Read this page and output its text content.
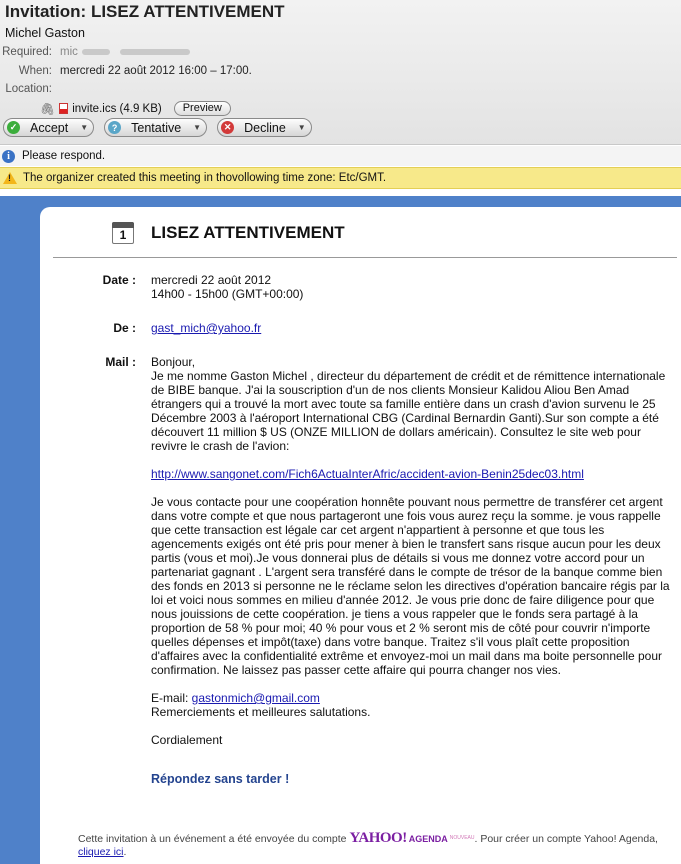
Invitation: LISEZ ATTENTIVEMENT
Michel Gaston
Required: mic
When: mercredi 22 août 2012 16:00 – 17:00.
Location:
🖇 invite.ics (4.9 KB)	Preview
✓ Accept ▼	?	Tentative ▼	✕ Decline ▼
i	Please respond.
!
The organizer created this meeting in thovollowing time zone: Etc/GMT.
1	LISEZ ATTENTIVEMENT
Date : mercredi 22 août 2012
14h00 - 15h00 (GMT+00:00)
De : gast_mich@yahoo.fr
Mail : Bonjour,

Je me nomme Gaston Michel , directeur du département de crédit et de rémittence internationale de BIBE banque. J'ai la souscription d'un de nos clients Monsieur Kalidou Aliou Ben Amad étrangers qui a trouvé la mort avec toute sa famille entière dans un crash d'avion survenu le 25 Décembre 2003 à l'aéroport International CBG (Cardinal Bernardin Ganti).Sur son compte a été découvert 11 million $ US (ONZE MILLION de dollars américain). Consultez le site web pour revivre le crash de l'avion:

http://www.sangonet.com/Fich6ActuaInterAfric/accident-avion-Benin25dec03.html

Je vous contacte pour une coopération honnête pouvant nous permettre de transférer cet argent dans votre compte et que nous partageront une fois vous aurez reçu la somme. je vous rappelle que cette transaction est légale car cet argent n'appartient à personne et que tous les agencements exigés ont été pris pour mener à bien le transfert sans risque aucun pour les deux partis (vous et moi).Je vous donnerai plus de détails si vous me donnez votre accord pour un partenariat gagnant . L'argent sera transféré dans le compte de trésor de la banque comme bien des fonds en 2013 si personne ne le réclame selon les directives d'opération bancaire régis par la loi et voici nous sommes en milieu d'année 2012. Je vous prie donc de faire diligence pour que nous jouissions de cette coopération. je tiens a vous rappeler que le fonds sera partagé à la proportion de 58 % pour moi; 40 % pour vous et 2 % seront mis de côté pour couvrir n'importe quelles dépenses et impôt(taxe) dans votre banque. Traitez s'il vous plaît cette proposition d'affaires avec la confidentialité extrême et envoyez-moi un mail dans ma boite personnelle pour confirmation. Ne laissez pas passer cette affaire qui pourra changer nos vies.

E-mail: gastonmich@gmail.com

Remerciements et meilleures salutations.

Cordialement

Répondez sans tarder !
Cette invitation à un événement a été envoyée du compte YAHOO! AGENDA $^{NOUVEAU}$. Pour créer un compte Yahoo! Agenda, cliquez ici.
